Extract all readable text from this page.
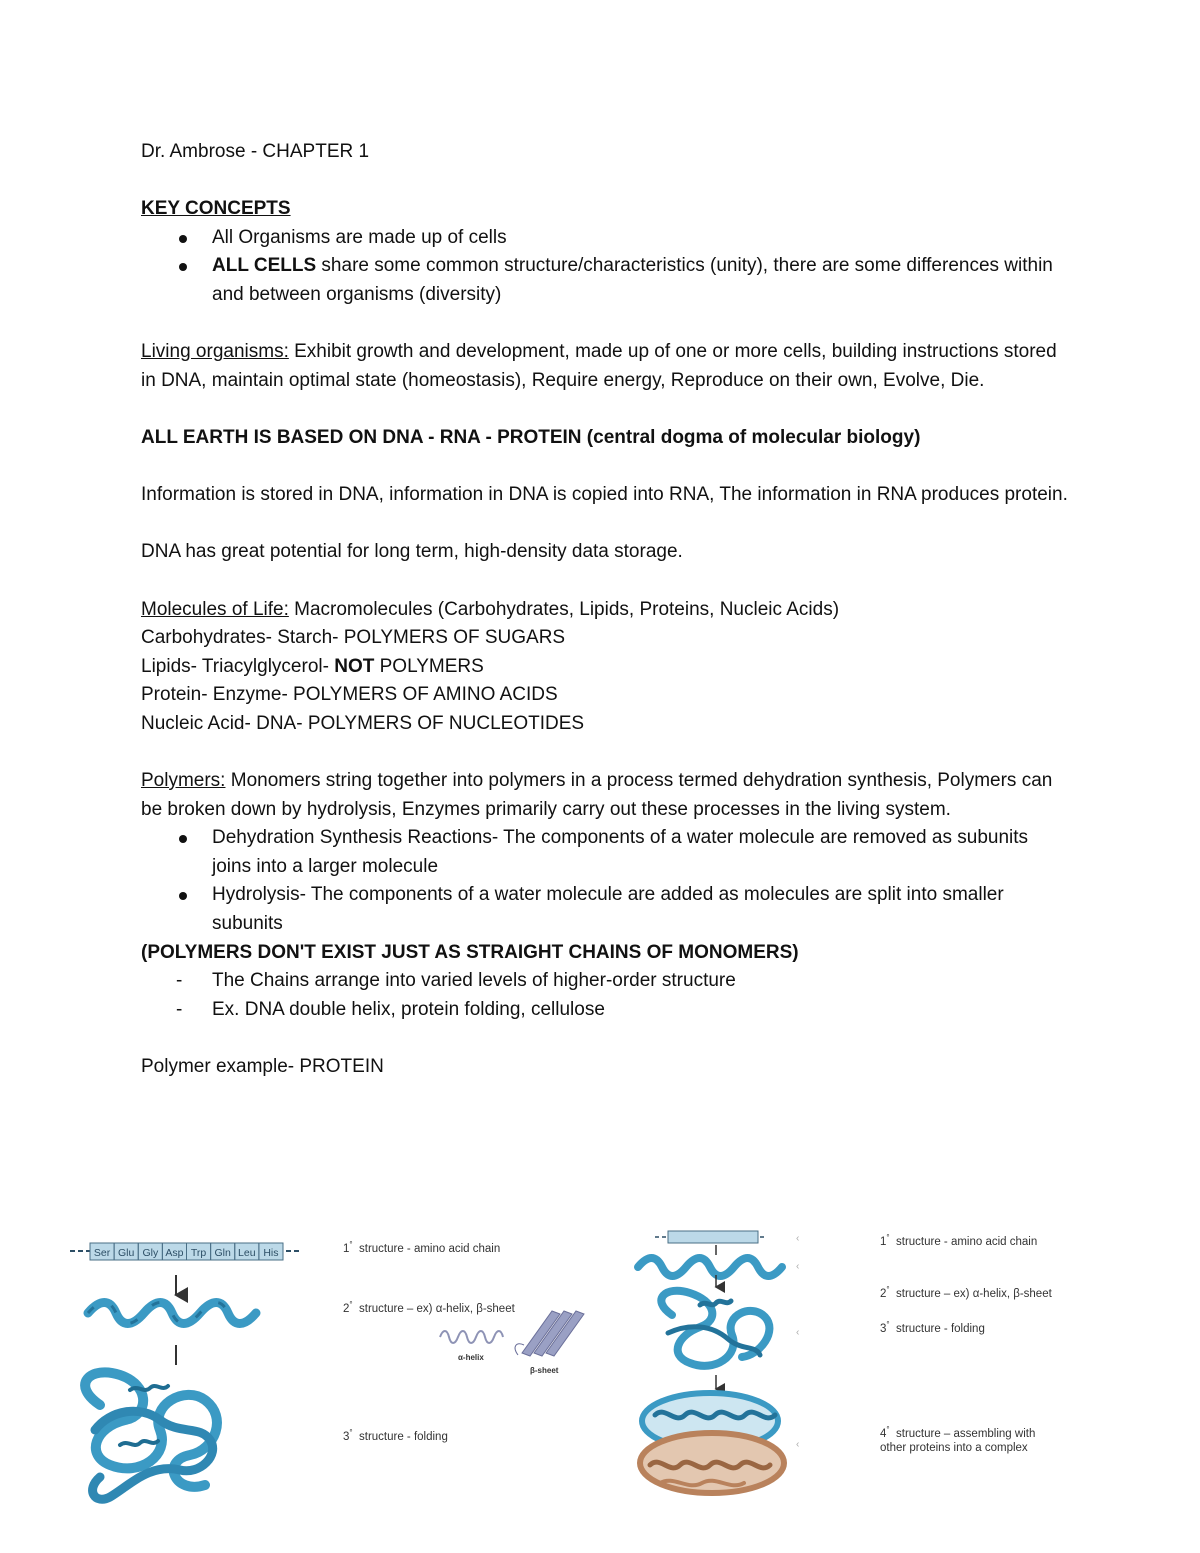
Dr. Ambrose - CHAPTER 1

KEY CONCEPTS

All Organisms are made up of cells
ALL CELLS share some common structure/characteristics (unity), there are some differences within and between organisms (diversity)

Living organisms: Exhibit growth and development, made up of one or more cells, building instructions stored in DNA, maintain optimal state (homeostasis), Require energy, Reproduce on their own, Evolve, Die.

ALL EARTH IS BASED ON DNA - RNA - PROTEIN (central dogma of molecular biology)

Information is stored in DNA, information in DNA is copied into RNA, The information in RNA produces protein.

DNA has great potential for long term, high-density data storage.

Molecules of Life: Macromolecules (Carbohydrates, Lipids, Proteins, Nucleic Acids)

Carbohydrates- Starch- POLYMERS OF SUGARS

Lipids- Triacylglycerol- NOT POLYMERS

Protein- Enzyme- POLYMERS OF AMINO ACIDS

Nucleic Acid- DNA- POLYMERS OF NUCLEOTIDES

Polymers: Monomers string together into polymers in a process termed dehydration synthesis, Polymers can be broken down by hydrolysis, Enzymes primarily carry out these processes in the living system.

Dehydration Synthesis Reactions- The components of a water molecule are removed as subunits joins into a larger molecule
Hydrolysis- The components of a water molecule are added as molecules are split into smaller subunits

(POLYMERS DON'T EXIST JUST AS STRAIGHT CHAINS OF MONOMERS)

- The Chains arrange into varied levels of higher-order structure
- Ex. DNA double helix, protein folding, cellulose

Polymer example- PROTEIN

Ser Glu Gly Asp Trp Gln Leu His
α-helix
β-sheet
‹
‹
‹
‹
1° structure - amino acid chain
2° structure – ex) α-helix, β-sheet
3° structure - folding
1° structure - amino acid chain
2° structure – ex) α-helix, β-sheet
3° structure - folding
4° structure – assembling with
other proteins into a complex
